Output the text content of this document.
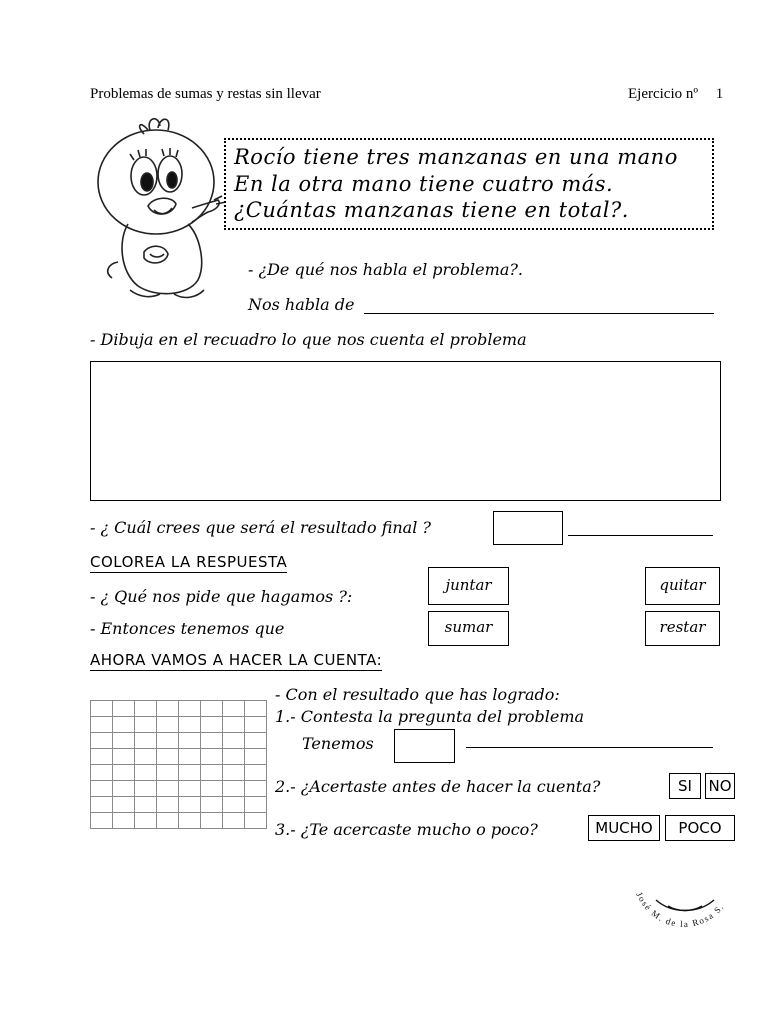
Problemas de sumas y restas sin llevar	Ejercicio nº 1
Rocío tiene tres manzanas en una mano
En la otra mano tiene cuatro más.
¿Cuántas manzanas tiene en total?.
- ¿De qué nos habla el problema?.
Nos habla de
- Dibuja en el recuadro lo que nos cuenta el problema
- ¿ Cuál crees que será el resultado final ?
COLOREA LA RESPUESTA
- ¿ Qué nos pide que hagamos ?:
juntar	quitar
- Entonces tenemos que	sumar	restar
AHORA VAMOS A HACER LA CUENTA:

- Con el resultado que has logrado:
1.- Contesta la pregunta del problema
Tenemos
2.- ¿Acertaste antes de hacer la cuenta?	SI	NO
3.- ¿Te acercaste mucho o poco?	MUCHO	POCO
José M. de la Rosa S.
